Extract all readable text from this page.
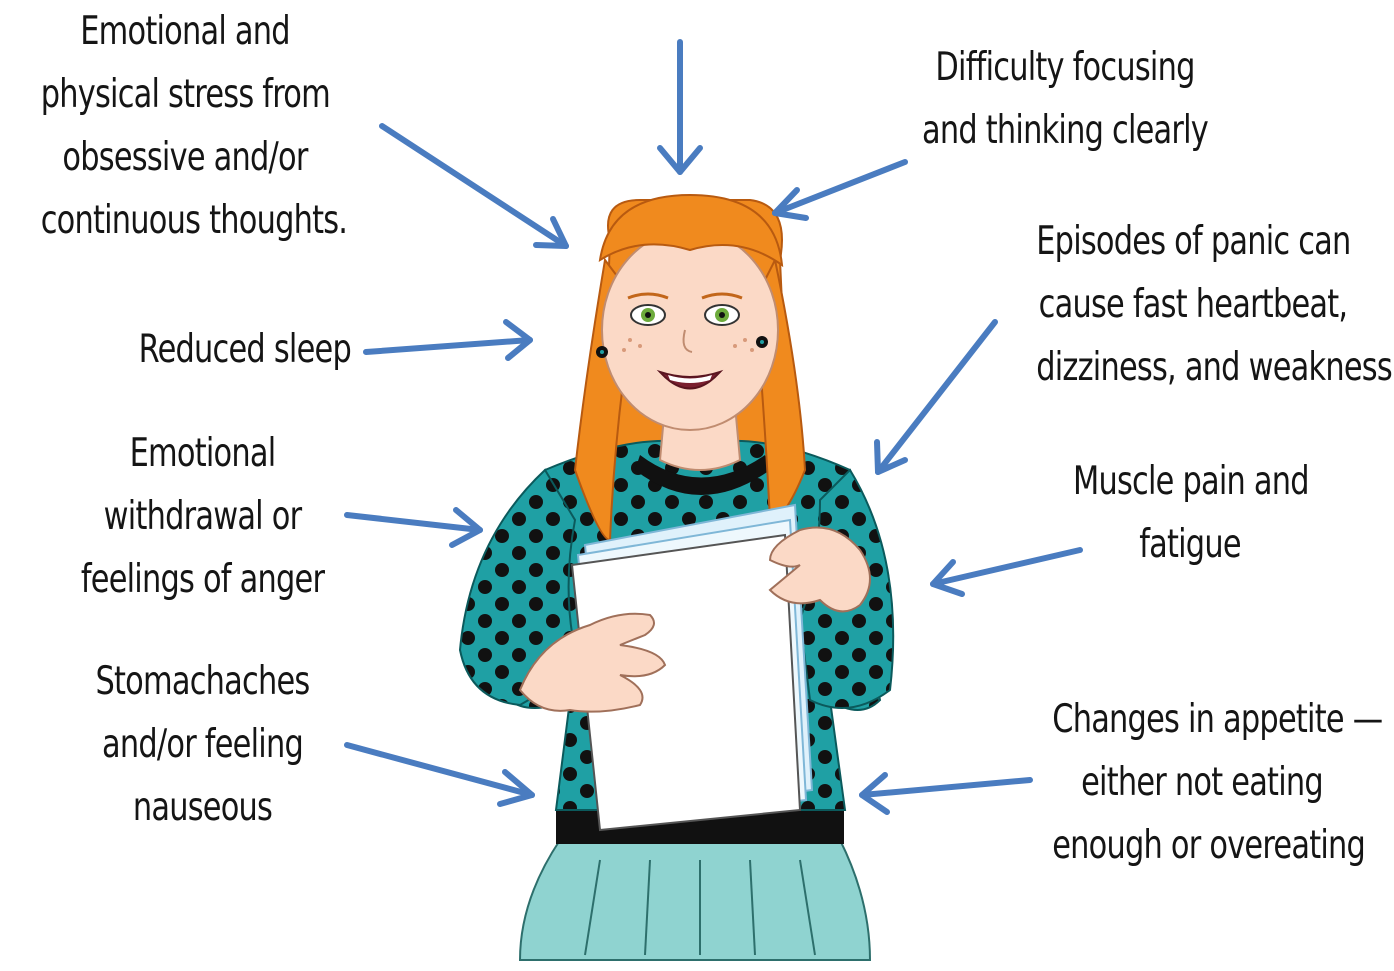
Emotional and
physical stress from
obsessive and/or
continuous thoughts.
Difficulty focusing
and thinking clearly
Episodes of panic can
cause fast heartbeat,
dizziness, and weakness
Reduced sleep
Emotional
withdrawal or
feelings of anger
Muscle pain and
fatigue
Stomachaches
and/or feeling
nauseous
Changes in appetite —
either not eating
enough or overeating
